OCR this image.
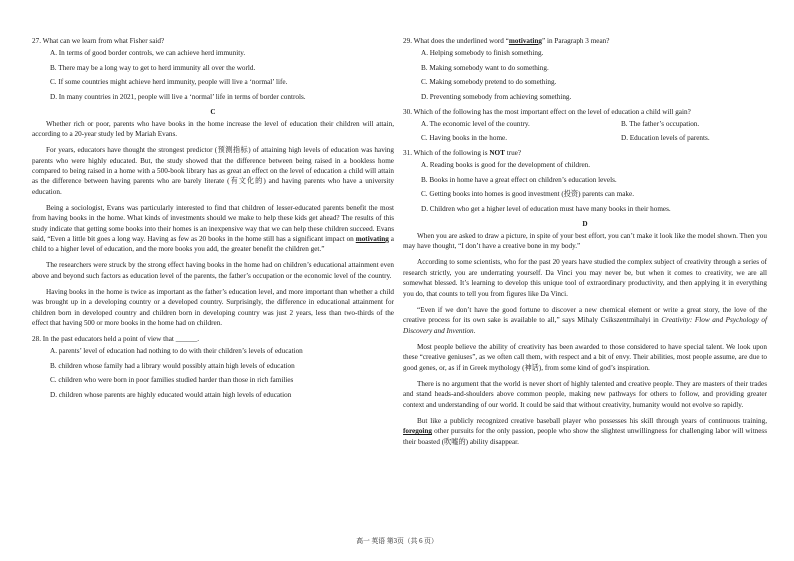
27. What can we learn from what Fisher said?
A. In terms of good border controls, we can achieve herd immunity.
B. There may be a long way to get to herd immunity all over the world.
C. If some countries might achieve herd immunity, people will live a ‘normal’ life.
D. In many countries in 2021, people will live a ‘normal’ life in terms of border controls.
C

Whether rich or poor, parents who have books in the home increase the level of education their children will attain, according to a 20-year study led by Mariah Evans.

For years, educators have thought the strongest predictor (预测指标) of attaining high levels of education was having parents who were highly educated. But, the study showed that the difference between being raised in a bookless home compared to being raised in a home with a 500-book library has as great an effect on the level of education a child will attain as the difference between having parents who are barely literate (有文化的) and having parents who have a university education.

Being a sociologist, Evans was particularly interested to find that children of lesser-educated parents benefit the most from having books in the home. What kinds of investments should we make to help these kids get ahead? The results of this study indicate that getting some books into their homes is an inexpensive way that we can help these children succeed. Evans said, “Even a little bit goes a long way. Having as few as 20 books in the home still has a significant impact on motivating a child to a higher level of education, and the more books you add, the greater benefit the children get.”

The researchers were struck by the strong effect having books in the home had on children’s educational attainment even above and beyond such factors as education level of the parents, the father’s occupation or the economic level of the country.

Having books in the home is twice as important as the father’s education level, and more important than whether a child was brought up in a developing country or a developed country. Surprisingly, the difference in educational attainment for children born in developed country and children born in developing country was just 2 years, less than two-thirds of the effect that having 500 or more books in the home had on children.

28. In the past educators held a point of view that ______.
A. parents’ level of education had nothing to do with their children’s levels of education
B. children whose family had a library would possibly attain high levels of education
C. children who were born in poor families studied harder than those in rich families
D. children whose parents are highly educated would attain high levels of education
29. What does the underlined word “motivating” in Paragraph 3 mean?
A. Helping somebody to finish something.
B. Making somebody want to do something.
C. Making somebody pretend to do something.
D. Preventing somebody from achieving something.
30. Which of the following has the most important effect on the level of education a child will gain?
A. The economic level of the country.	B. The father’s occupation.
C. Having books in the home.	D. Education levels of parents.
31. Which of the following is NOT true?
A. Reading books is good for the development of children.
B. Books in home have a great effect on children’s education levels.
C. Getting books into homes is good investment (投资) parents can make.
D. Children who get a higher level of education must have many books in their homes.
D

When you are asked to draw a picture, in spite of your best effort, you can’t make it look like the model shown. Then you may have thought, “I don’t have a creative bone in my body.”

According to some scientists, who for the past 20 years have studied the complex subject of creativity through a series of research strictly, you are underrating yourself. Da Vinci you may never be, but when it comes to creativity, we are all somewhat blessed. It’s learning to develop this unique tool of extraordinary productivity, and then applying it in everything you do, that counts to tell you from figures like Da Vinci.

“Even if we don’t have the good fortune to discover a new chemical element or write a great story, the love of the creative process for its own sake is available to all,” says Mihaly Csikszentmihalyi in Creativity: Flow and Psychology of Discovery and Invention.

Most people believe the ability of creativity has been awarded to those considered to have special talent. We look upon these “creative geniuses”, as we often call them, with respect and a bit of envy. Their abilities, most people assume, are due to good genes, or, as if in Greek mythology (神话), from some kind of god’s inspiration.

There is no argument that the world is never short of highly talented and creative people. They are masters of their trades and stand heads-and-shoulders above common people, making new pathways for others to follow, and providing greater context and understanding of our world. It could be said that without creativity, humanity would not evolve so rapidly.

But like a publicly recognized creative baseball player who possesses his skill through years of continuous training, foregoing other pursuits for the only passion, people who show the slightest unwillingness for challenging labor will witness their boasted (吹嘘的) ability disappear.

高一 英语 第3页（共 6 页）
